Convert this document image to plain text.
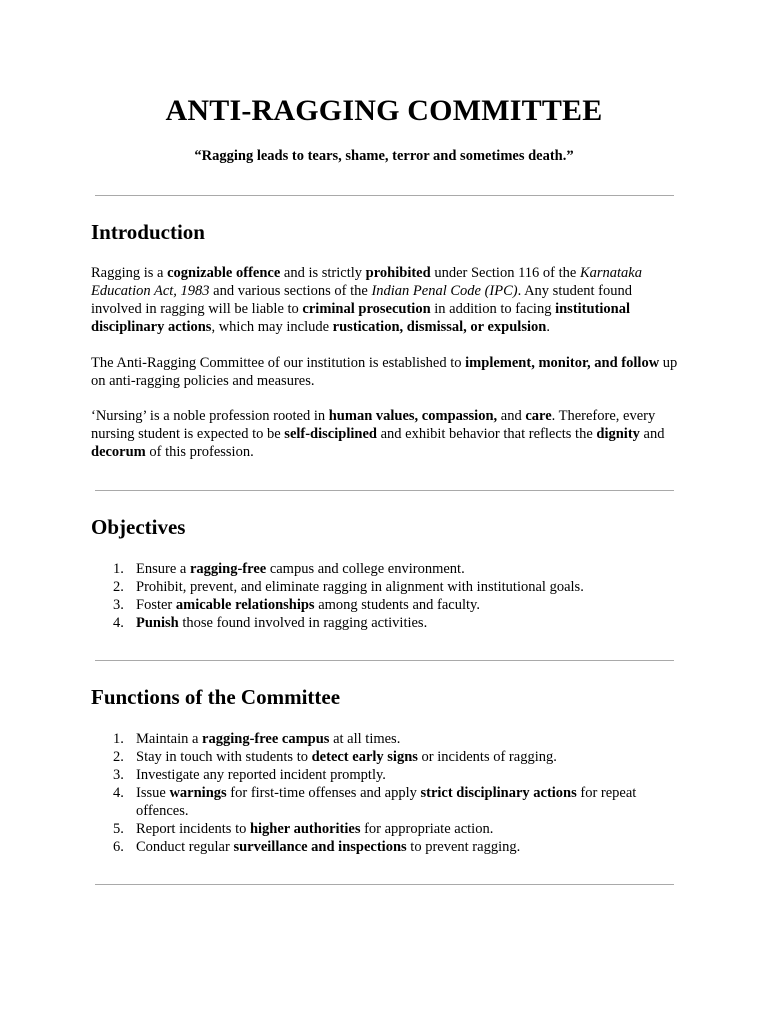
ANTI-RAGGING COMMITTEE

“Ragging leads to tears, shame, terror and sometimes death.”

Introduction

Ragging is a cognizable offence and is strictly prohibited under Section 116 of the Karnataka Education Act, 1983 and various sections of the Indian Penal Code (IPC). Any student found involved in ragging will be liable to criminal prosecution in addition to facing institutional disciplinary actions, which may include rustication, dismissal, or expulsion.

The Anti-Ragging Committee of our institution is established to implement, monitor, and follow up on anti-ragging policies and measures.

‘Nursing’ is a noble profession rooted in human values, compassion, and care. Therefore, every nursing student is expected to be self-disciplined and exhibit behavior that reflects the dignity and decorum of this profession.

Objectives
1. Ensure a ragging-free campus and college environment.
2. Prohibit, prevent, and eliminate ragging in alignment with institutional goals.
3. Foster amicable relationships among students and faculty.
4. Punish those found involved in ragging activities.
Functions of the Committee
1. Maintain a ragging-free campus at all times.
2. Stay in touch with students to detect early signs or incidents of ragging.
3. Investigate any reported incident promptly.
4. Issue warnings for first-time offenses and apply strict disciplinary actions for repeat offences.
5. Report incidents to higher authorities for appropriate action.
6. Conduct regular surveillance and inspections to prevent ragging.
